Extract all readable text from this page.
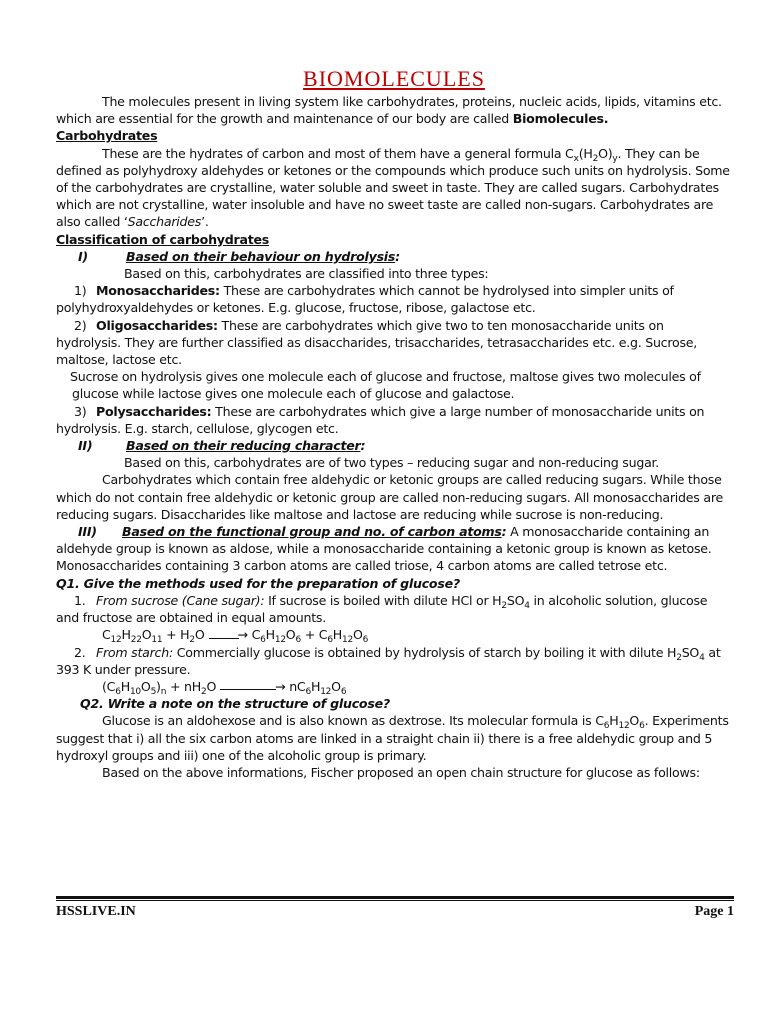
BIOMOLECULES

The molecules present in living system like carbohydrates, proteins, nucleic acids, lipids, vitamins etc. which are essential for the growth and maintenance of our body are called Biomolecules.

Carbohydrates

These are the hydrates of carbon and most of them have a general formula $C_x(H_2O)_y$. They can be defined as polyhydroxy aldehydes or ketones or the compounds which produce such units on hydrolysis. Some of the carbohydrates are crystalline, water soluble and sweet in taste. They are called sugars. Carbohydrates which are not crystalline, water insoluble and have no sweet taste are called non-sugars. Carbohydrates are also called ‘Saccharides’.

Classification of carbohydrates

I)	Based on their behaviour on hydrolysis:

Based on this, carbohydrates are classified into three types:

1) Monosaccharides: These are carbohydrates which cannot be hydrolysed into simpler units of polyhydroxyaldehydes or ketones. E.g. glucose, fructose, ribose, galactose etc.

2) Oligosaccharides: These are carbohydrates which give two to ten monosaccharide units on hydrolysis. They are further classified as disaccharides, trisaccharides, tetrasaccharides etc. e.g. Sucrose, maltose, lactose etc.

Sucrose on hydrolysis gives one molecule each of glucose and fructose, maltose gives two molecules of glucose while lactose gives one molecule each of glucose and galactose.

3) Polysaccharides: These are carbohydrates which give a large number of monosaccharide units on hydrolysis. E.g. starch, cellulose, glycogen etc.

II)	Based on their reducing character:

Based on this, carbohydrates are of two types – reducing sugar and non-reducing sugar.

Carbohydrates which contain free aldehydic or ketonic groups are called reducing sugars. While those which do not contain free aldehydic or ketonic group are called non-reducing sugars. All monosaccharides are reducing sugars. Disaccharides like maltose and lactose are reducing while sucrose is non-reducing.

III) Based on the functional group and no. of carbon atoms: A monosaccharide containing an aldehyde group is known as aldose, while a monosaccharide containing a ketonic group is known as ketose. Monosaccharides containing 3 carbon atoms are called triose, 4 carbon atoms are called tetrose etc.

Q1. Give the methods used for the preparation of glucose?

1. From sucrose (Cane sugar): If sucrose is boiled with dilute HCl or $H_2SO_4$ in alcoholic solution, glucose and fructose are obtained in equal amounts.

$C_{12}H_{22}O_{11} + H_2O$	→ $C_6H_{12}O_6 + C_6H_{12}O_6$

2. From starch: Commercially glucose is obtained by hydrolysis of starch by boiling it with dilute $H_2SO_4$ at 393 K under pressure.

$(C_6H_{10}O_5)_n + nH_2O$	→ $nC_6H_{12}O_6$

Q2. Write a note on the structure of glucose?

Glucose is an aldohexose and is also known as dextrose. Its molecular formula is $C_6H_{12}O_6$. Experiments suggest that i) all the six carbon atoms are linked in a straight chain ii) there is a free aldehydic group and 5 hydroxyl groups and iii) one of the alcoholic group is primary.

Based on the above informations, Fischer proposed an open chain structure for glucose as follows:

HSSLIVE.IN	Page 1
